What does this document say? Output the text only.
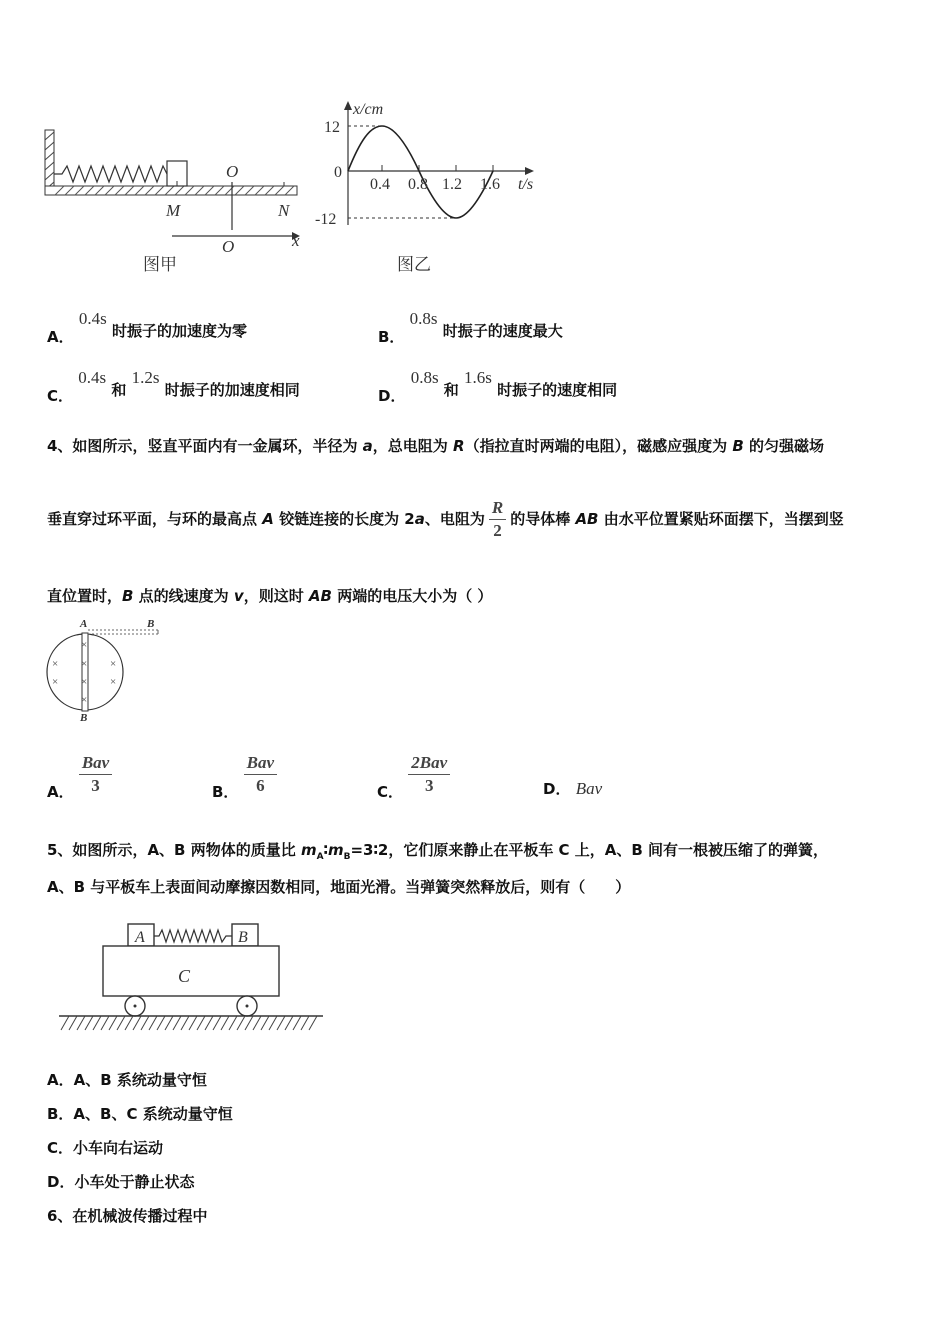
O
M	N
O	x
图甲
x/cm
12
0
-12
0.4 0.8 1.2 1.6 t/s
图乙
A． 0.4s 时振子的加速度为零	B． 0.8s 时振子的速度最大
C． 0.4s 和 1.2s 时振子的加速度相同	D． 0.8s 和 1.6s 时振子的速度相同
4、如图所示，竖直平面内有一金属环，半径为 a，总电阻为 R（指拉直时两端的电阻），磁感应强度为 B 的匀强磁场
垂直穿过环平面，与环的最高点 A 铰链连接的长度为 2a、电阻为 $\frac{R}{2}$ 的导体棒 AB 由水平位置紧贴环面摆下，当摆到竖
直位置时，B 点的线速度为 v，则这时 AB 两端的电压大小为（ ）
A	B
B
×
×
×
×
×
×
×
×
A． $\frac{\text{Bav}}{3}$	B． $\frac{\text{Bav}}{6}$	C． $\frac{\text{2Bav}}{3}$	D． Bav
5、如图所示，A、B 两物体的质量比 $m_A∶m_B=3∶2$，它们原来静止在平板车 C 上，A、B 间有一根被压缩了的弹簧，
A、B 与平板车上表面间动摩擦因数相同，地面光滑。当弹簧突然释放后，则有（　　）
A	B
C
A．A、B 系统动量守恒
B．A、B、C 系统动量守恒
C．小车向右运动
D．小车处于静止状态
6、在机械波传播过程中
